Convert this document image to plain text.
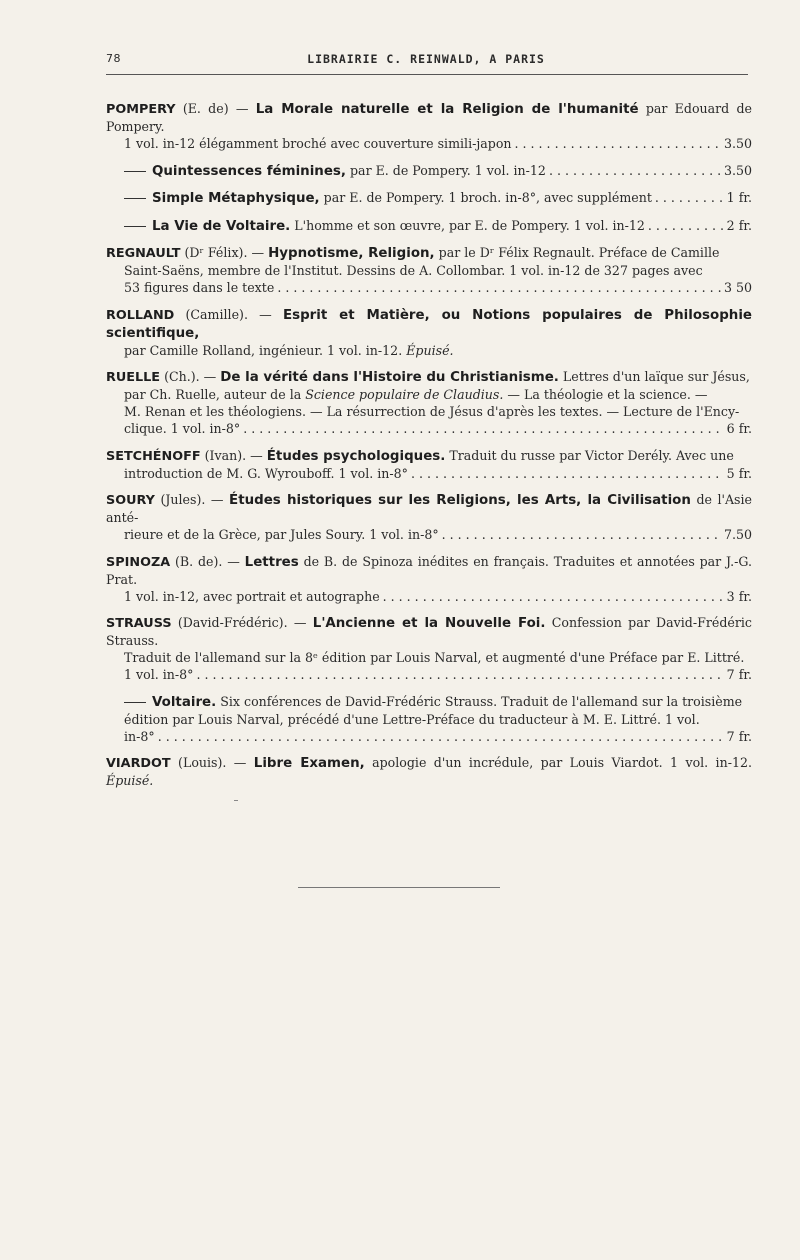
78	LIBRAIRIE C. REINWALD, A PARIS
POMPERY (E. de) — La Morale naturelle et la Religion de l'humanité par Edouard de Pompery.
1 vol. in-12 élégamment broché avec couverture simili-japon . . .	3.50
Quintessences féminines, par E. de Pompery. 1 vol. in-12 . . .	3.50
Simple Métaphysique, par E. de Pompery. 1 broch. in-8°, avec supplément . . .	1 fr.
La Vie de Voltaire. L'homme et son œuvre, par E. de Pompery. 1 vol. in-12 . . .	2 fr.
REGNAULT (Dʳ Félix). — Hypnotisme, Religion, par le Dʳ Félix Regnault. Préface de Camille
Saint-Saëns, membre de l'Institut. Dessins de A. Collombar. 1 vol. in-12 de 327 pages avec
53 figures dans le texte . . .	3 50
ROLLAND (Camille). — Esprit et Matière, ou Notions populaires de Philosophie scientifique,
par Camille Rolland, ingénieur. 1 vol. in-12. Épuisé.
RUELLE (Ch.). — De la vérité dans l'Histoire du Christianisme. Lettres d'un laïque sur Jésus,
par Ch. Ruelle, auteur de la Science populaire de Claudius. — La théologie et la science. —
M. Renan et les théologiens. — La résurrection de Jésus d'après les textes. — Lecture de l'Ency-
clique. 1 vol. in-8° . . .	6 fr.
SETCHÉNOFF (Ivan). — Études psychologiques. Traduit du russe par Victor Derély. Avec une
introduction de M. G. Wyrouboff. 1 vol. in-8° . . .	5 fr.
SOURY (Jules). — Études historiques sur les Religions, les Arts, la Civilisation de l'Asie anté-
rieure et de la Grèce, par Jules Soury. 1 vol. in-8° . . .	7.50
SPINOZA (B. de). — Lettres de B. de Spinoza inédites en français. Traduites et annotées par J.-G. Prat.
1 vol. in-12, avec portrait et autographe . . .	3 fr.
STRAUSS (David-Frédéric). — L'Ancienne et la Nouvelle Foi. Confession par David-Frédéric Strauss.
Traduit de l'allemand sur la 8ᵉ édition par Louis Narval, et augmenté d'une Préface par E. Littré.
1 vol. in-8° . . .	7 fr.
Voltaire. Six conférences de David-Frédéric Strauss. Traduit de l'allemand sur la troisième
édition par Louis Narval, précédé d'une Lettre-Préface du traducteur à M. E. Littré. 1 vol.
in-8° . . .	7 fr.
VIARDOT (Louis). — Libre Examen, apologie d'un incrédule, par Louis Viardot. 1 vol. in-12. Épuisé.
